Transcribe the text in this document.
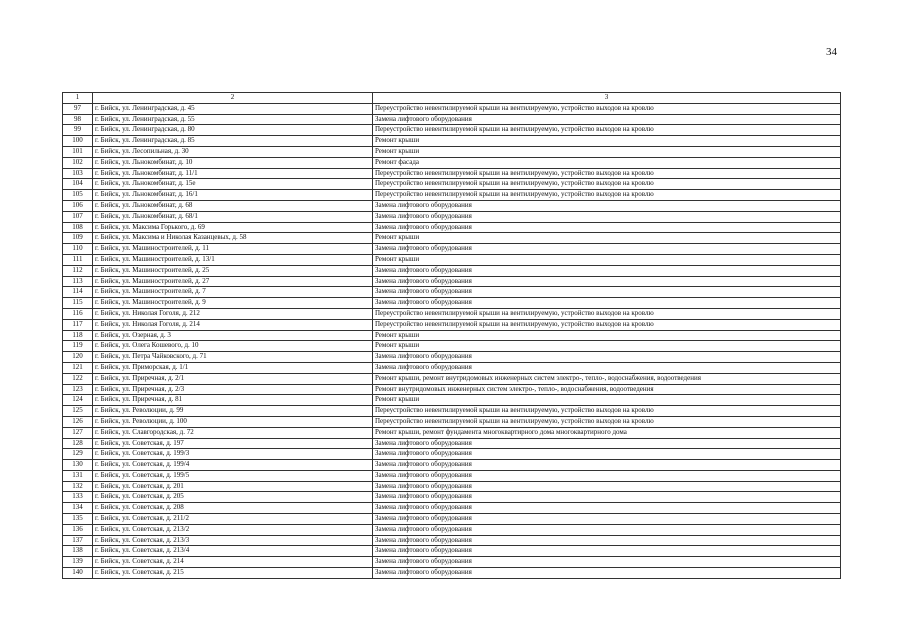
34
1	2	3
97	г. Бийск, ул. Ленинградская, д. 45	Переустройство невентилируемой крыши на вентилируемую, устройство выходов на кровлю
98	г. Бийск, ул. Ленинградская, д. 55	Замена лифтового оборудования
99	г. Бийск, ул. Ленинградская, д. 80	Переустройство невентилируемой крыши на вентилируемую, устройство выходов на кровлю
100	г. Бийск, ул. Ленинградская, д. 85	Ремонт крыши
101	г. Бийск, ул. Лесопильная, д. 30	Ремонт крыши
102	г. Бийск, ул. Льнокомбинат, д. 10	Ремонт фасада
103	г. Бийск, ул. Льнокомбинат, д. 11/1	Переустройство невентилируемой крыши на вентилируемую, устройство выходов на кровлю
104	г. Бийск, ул. Льнокомбинат, д. 15е	Переустройство невентилируемой крыши на вентилируемую, устройство выходов на кровлю
105	г. Бийск, ул. Льнокомбинат, д. 16/1	Переустройство невентилируемой крыши на вентилируемую, устройство выходов на кровлю
106	г. Бийск, ул. Льнокомбинат, д. 68	Замена лифтового оборудования
107	г. Бийск, ул. Льнокомбинат, д. 68/1	Замена лифтового оборудования
108	г. Бийск, ул. Максима Горького, д. 69	Замена лифтового оборудования
109	г. Бийск, ул. Максима и Николая Казанцевых, д. 58	Ремонт крыши
110	г. Бийск, ул. Машиностроителей, д. 11	Замена лифтового оборудования
111	г. Бийск, ул. Машиностроителей, д. 13/1	Ремонт крыши
112	г. Бийск, ул. Машиностроителей, д. 25	Замена лифтового оборудования
113	г. Бийск, ул. Машиностроителей, д. 27	Замена лифтового оборудования
114	г. Бийск, ул. Машиностроителей, д. 7	Замена лифтового оборудования
115	г. Бийск, ул. Машиностроителей, д. 9	Замена лифтового оборудования
116	г. Бийск, ул. Николая Гоголя, д. 212	Переустройство невентилируемой крыши на вентилируемую, устройство выходов на кровлю
117	г. Бийск, ул. Николая Гоголя, д. 214	Переустройство невентилируемой крыши на вентилируемую, устройство выходов на кровлю
118	г. Бийск, ул. Озерная, д. 3	Ремонт крыши
119	г. Бийск, ул. Олега Кошевого, д. 10	Ремонт крыши
120	г. Бийск, ул. Петра Чайковского, д. 71	Замена лифтового оборудования
121	г. Бийск, ул. Приморская, д. 1/1	Замена лифтового оборудования
122	г. Бийск, ул. Приречная, д. 2/1	Ремонт крыши, ремонт внутридомовых инженерных систем электро-, тепло-, водоснабжения, водоотведения
123	г. Бийск, ул. Приречная, д. 2/3	Ремонт внутридомовых инженерных систем электро-, тепло-, водоснабжения, водоотведения
124	г. Бийск, ул. Приречная, д. 81	Ремонт крыши
125	г. Бийск, ул. Революции, д. 99	Переустройство невентилируемой крыши на вентилируемую, устройство выходов на кровлю
126	г. Бийск, ул. Революции, д. 100	Переустройство невентилируемой крыши на вентилируемую, устройство выходов на кровлю
127	г. Бийск, ул. Славгородская, д. 72	Ремонт крыши, ремонт фундамента многоквартирного дома многоквартирного дома
128	г. Бийск, ул. Советская, д. 197	Замена лифтового оборудования
129	г. Бийск, ул. Советская, д. 199/3	Замена лифтового оборудования
130	г. Бийск, ул. Советская, д. 199/4	Замена лифтового оборудования
131	г. Бийск, ул. Советская, д. 199/5	Замена лифтового оборудования
132	г. Бийск, ул. Советская, д. 201	Замена лифтового оборудования
133	г. Бийск, ул. Советская, д. 205	Замена лифтового оборудования
134	г. Бийск, ул. Советская, д. 208	Замена лифтового оборудования
135	г. Бийск, ул. Советская, д. 211/2	Замена лифтового оборудования
136	г. Бийск, ул. Советская, д. 213/2	Замена лифтового оборудования
137	г. Бийск, ул. Советская, д. 213/3	Замена лифтового оборудования
138	г. Бийск, ул. Советская, д. 213/4	Замена лифтового оборудования
139	г. Бийск, ул. Советская, д. 214	Замена лифтового оборудования
140	г. Бийск, ул. Советская, д. 215	Замена лифтового оборудования
